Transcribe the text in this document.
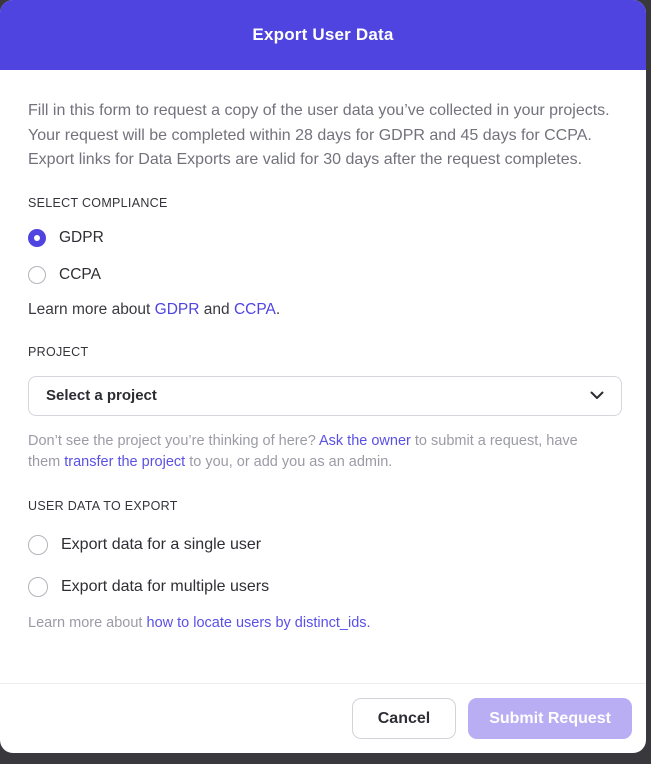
Export User Data

Fill in this form to request a copy of the user data you’ve collected in your projects. Your request will be completed within 28 days for GDPR and 45 days for CCPA. Export links for Data Exports are valid for 30 days after the request completes.

SELECT COMPLIANCE
GDPR
CCPA
Learn more about GDPR and CCPA.
PROJECT
Select a project
Don’t see the project you’re thinking of here? Ask the owner to submit a request, have them transfer the project to you, or add you as an admin.
USER DATA TO EXPORT
Export data for a single user
Export data for multiple users
Learn more about how to locate users by distinct_ids.
Cancel	Submit Request
